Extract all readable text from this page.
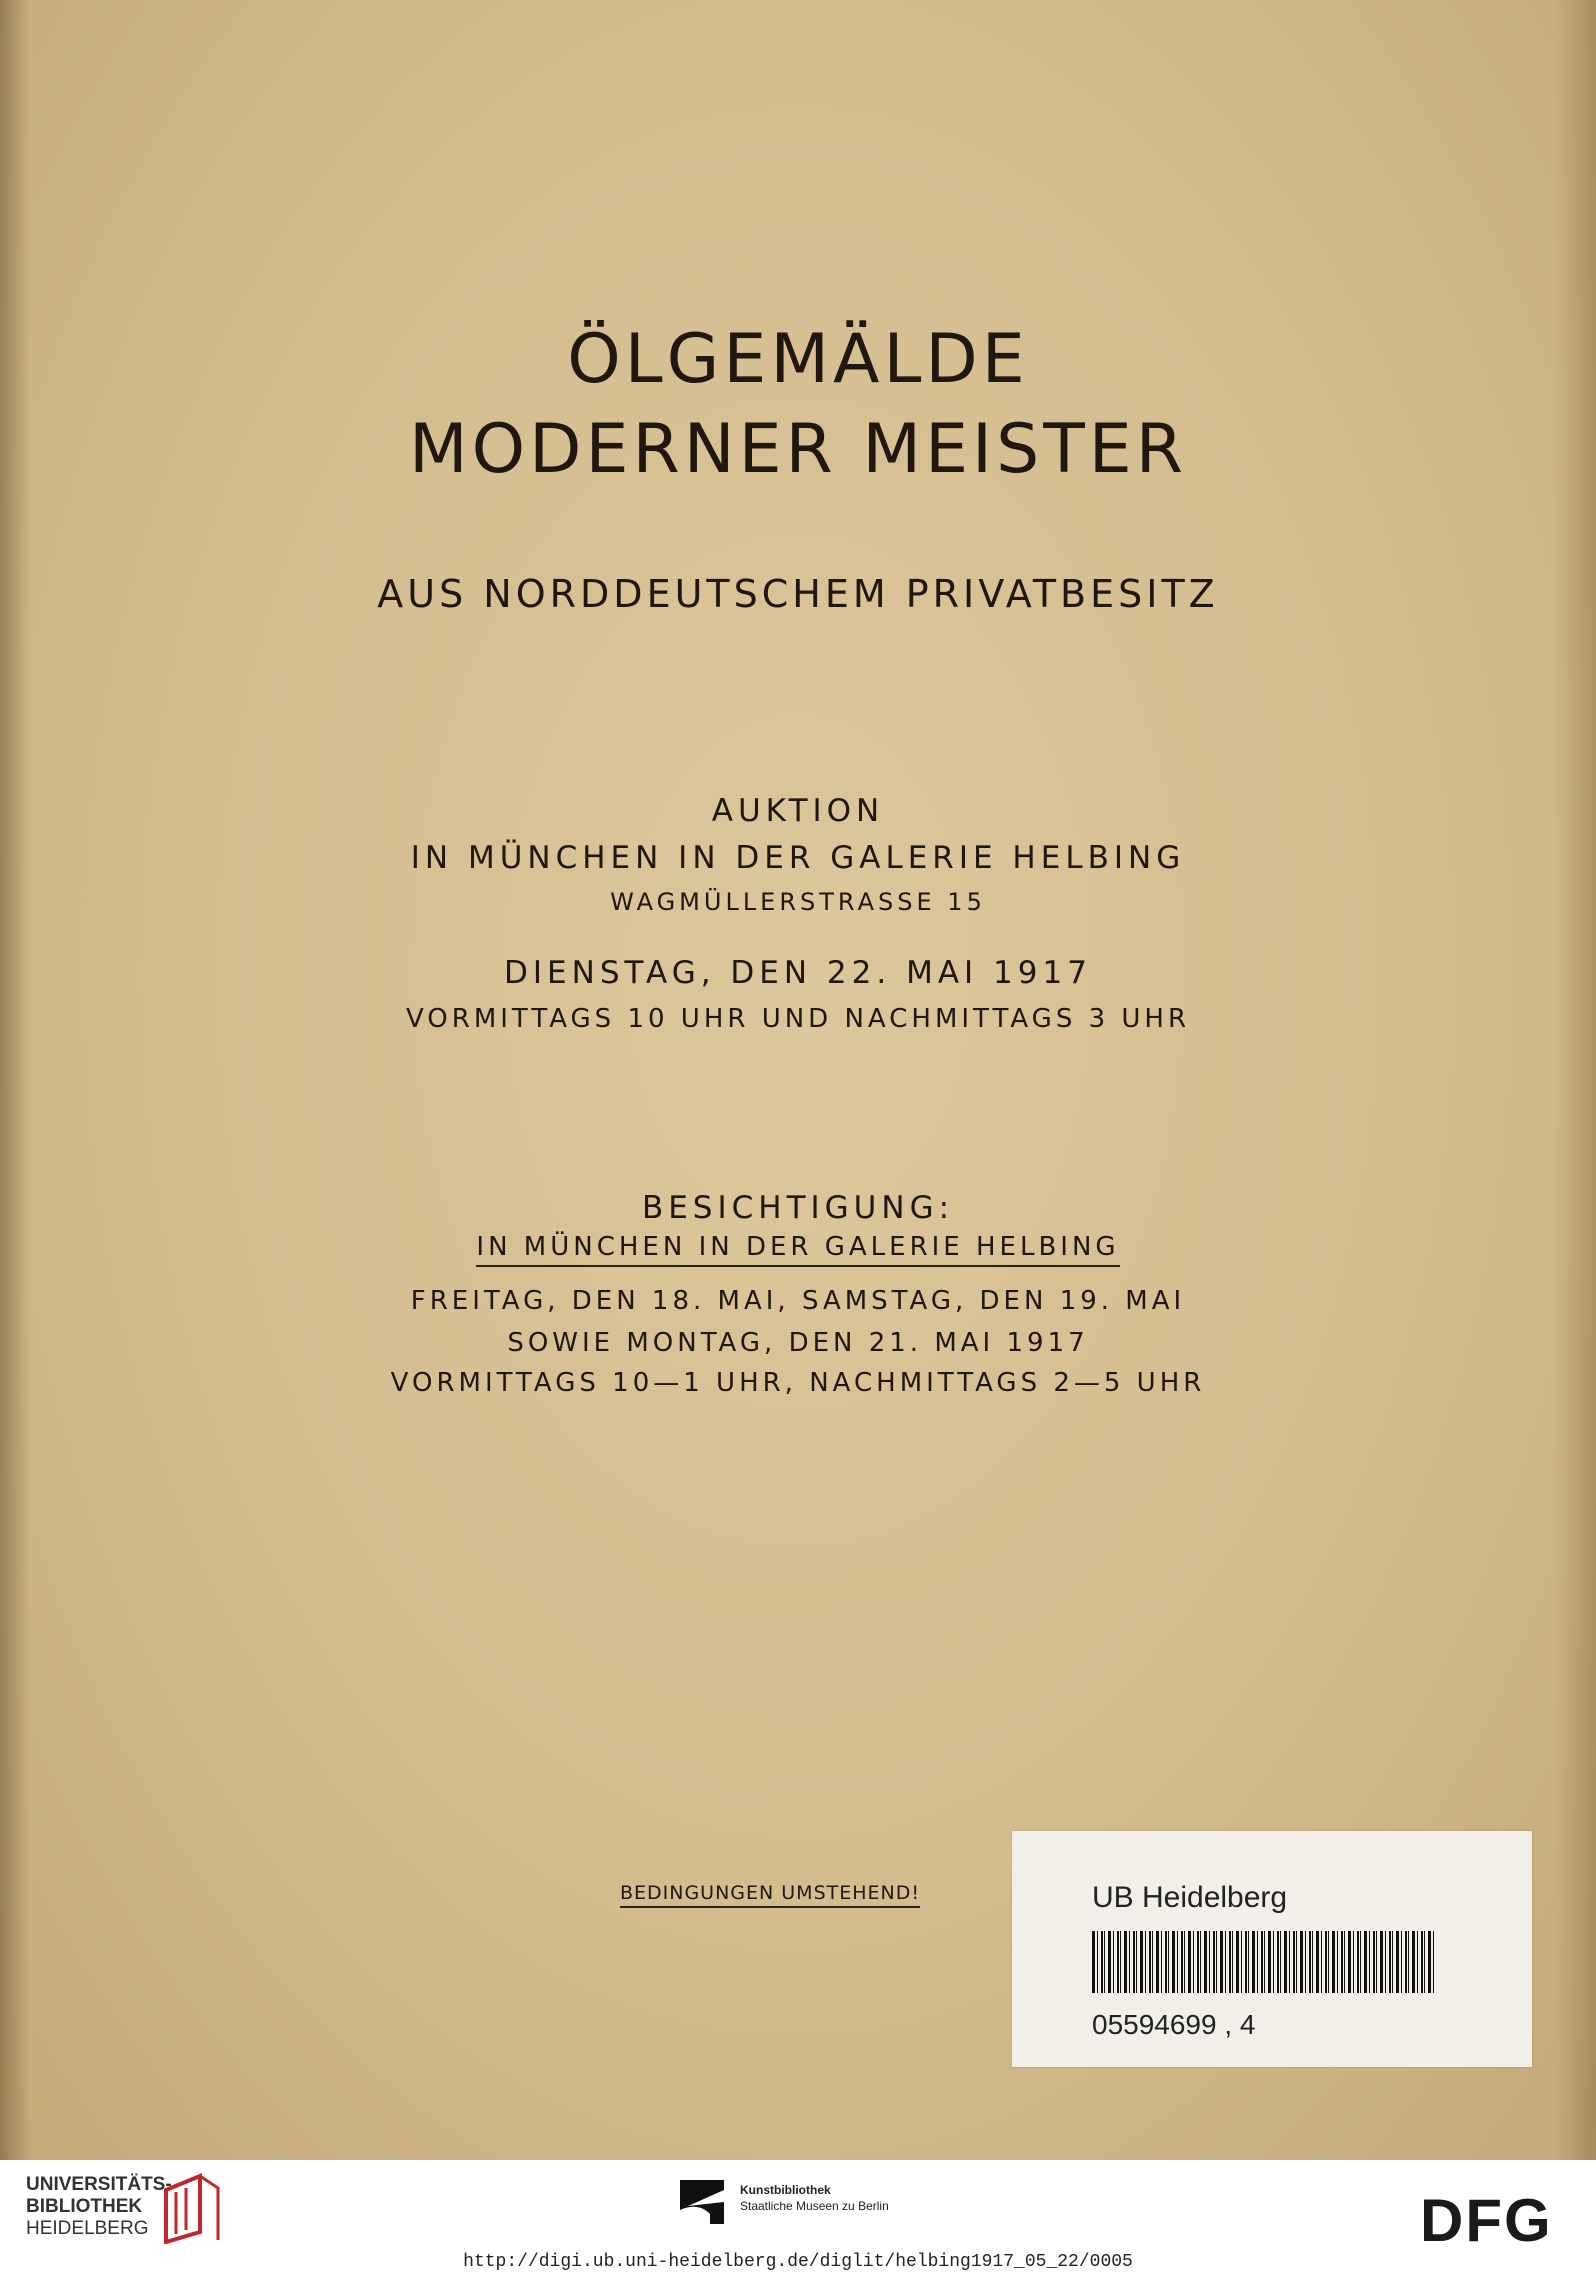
ÖLGEMÄLDE
MODERNER MEISTER
AUS NORDDEUTSCHEM PRIVATBESITZ
AUKTION
IN MÜNCHEN IN DER GALERIE HELBING
WAGMÜLLERSTRASSE 15
DIENSTAG, DEN 22. MAI 1917
VORMITTAGS 10 UHR UND NACHMITTAGS 3 UHR
BESICHTIGUNG:
IN MÜNCHEN IN DER GALERIE HELBING
FREITAG, DEN 18. MAI, SAMSTAG, DEN 19. MAI
SOWIE MONTAG, DEN 21. MAI 1917
VORMITTAGS 10—1 UHR, NACHMITTAGS 2—5 UHR
BEDINGUNGEN UMSTEHEND!	UB Heidelberg
05594699 , 4
UNIVERSITÄTS-
BIBLIOTHEK
HEIDELBERG
Kunstbibliothek
Staatliche Museen zu Berlin	DFG
http://digi.ub.uni-heidelberg.de/diglit/helbing1917_05_22/0005
